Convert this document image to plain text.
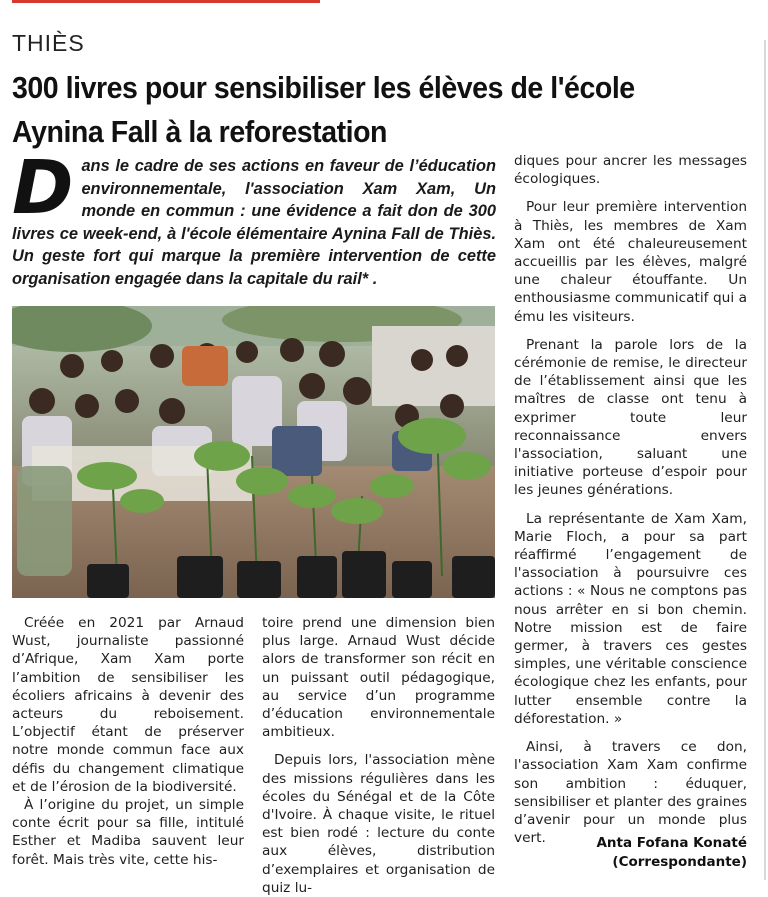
THIÈS
300 livres pour sensibiliser les élèves de l'école Aynina Fall à la reforestation
Dans le cadre de ses actions en faveur de l’éducation environnementale, l'association Xam Xam, Un monde en commun : une évidence a fait don de 300 livres ce week-end, à l'école élémentaire Aynina Fall de Thiès. Un geste fort qui marque la première intervention de cette organisation engagée dans la capitale du rail* .

Créée en 2021 par Arnaud Wust, journaliste passionné d’Afrique, Xam Xam porte l’ambition de sensibiliser les écoliers africains à devenir des acteurs du reboisement. L’objectif étant de préserver notre monde commun face aux défis du changement climatique et de l’érosion de la biodiversité.

À l’origine du projet, un simple conte écrit pour sa fille, intitulé Esther et Madiba sauvent leur forêt. Mais très vite, cette his-

toire prend une dimension bien plus large. Arnaud Wust décide alors de transformer son récit en un puissant outil pédagogique, au service d’un programme d’éducation environnementale ambitieux.

Depuis lors, l'association mène des missions régulières dans les écoles du Sénégal et de la Côte d'Ivoire. À chaque visite, le rituel est bien rodé : lecture du conte aux élèves, distribution d’exemplaires et organisation de quiz lu-

diques pour ancrer les messages écologiques.

Pour leur première intervention à Thiès, les membres de Xam Xam ont été chaleureusement accueillis par les élèves, malgré une chaleur étouffante. Un enthousiasme communicatif qui a ému les visiteurs.

Prenant la parole lors de la cérémonie de remise, le directeur de l’établissement ainsi que les maîtres de classe ont tenu à exprimer toute leur reconnaissance envers l'association, saluant une initiative porteuse d’espoir pour les jeunes générations.

La représentante de Xam Xam, Marie Floch, a pour sa part réaffirmé l’engagement de l'association à poursuivre ces actions : « Nous ne comptons pas nous arrêter en si bon chemin. Notre mission est de faire germer, à travers ces gestes simples, une véritable conscience écologique chez les enfants, pour lutter ensemble contre la déforestation. »

Ainsi, à travers ce don, l'association Xam Xam confirme son ambition : éduquer, sensibiliser et planter des graines d’avenir pour un monde plus vert.	Anta Fofana Konaté (Correspondante)
